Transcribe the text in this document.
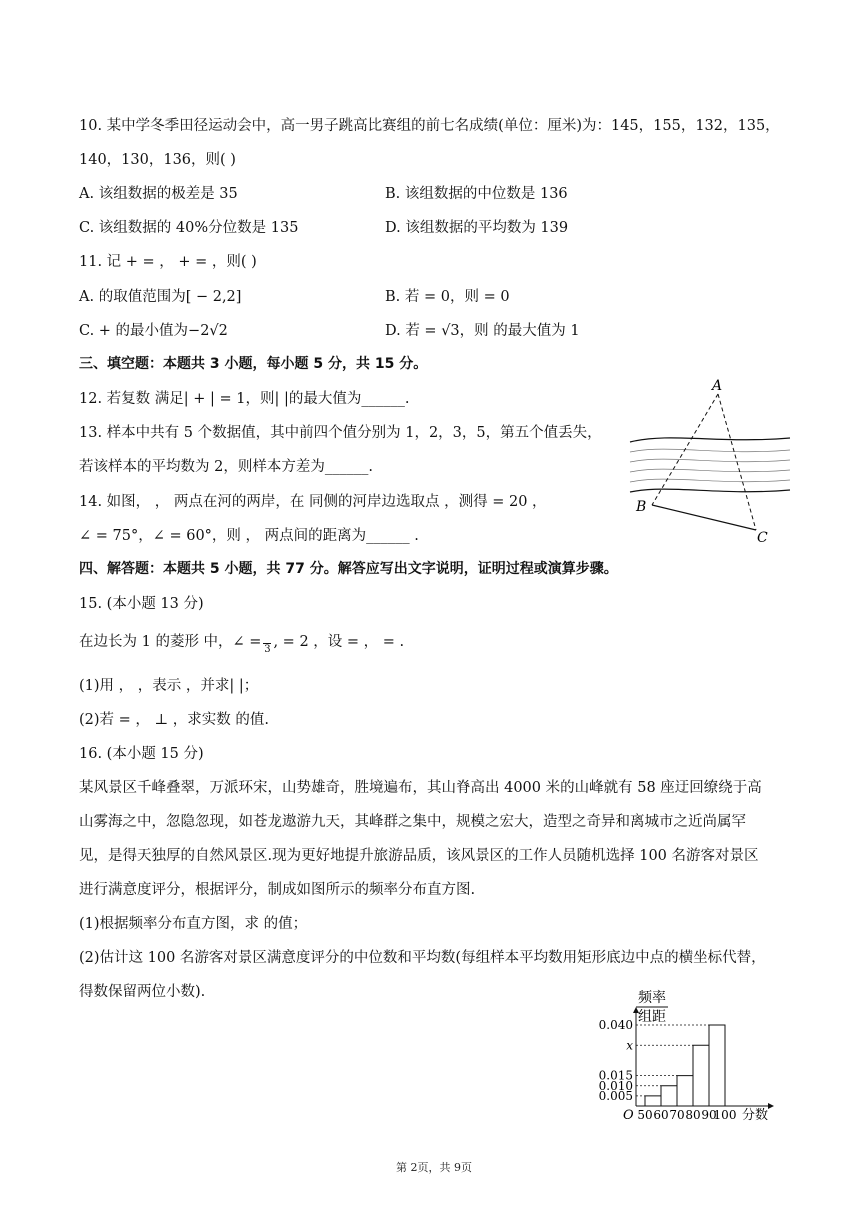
10. 某中学冬季田径运动会中，高一男子跳高比赛组的前七名成绩(单位：厘米)为：145，155，132，135，
140，130，136，则( )
A. 该组数据的极差是 35	B. 该组数据的中位数是 136
C. 该组数据的 40%分位数是 135	D. 该组数据的平均数为 139
11. 记 + = ， + = ，则( )
A. 的取值范围为[ − 2,2]	B. 若 = 0，则 = 0
C. + 的最小值为−2√2	D. 若 = √3，则 的最大值为 1
三、填空题：本题共 3 小题，每小题 5 分，共 15 分。
12. 若复数 满足| + | = 1，则| |的最大值为______.
13. 样本中共有 5 个数据值，其中前四个值分别为 1，2，3，5，第五个值丢失，
若该样本的平均数为 2，则样本方差为______.
14. 如图， ， 两点在河的两岸，在 同侧的河岸边选取点 ，测得 = 20 ，
∠ = 75°，∠ = 60°，则 ， 两点间的距离为______ .
A
B
C
四、解答题：本题共 5 小题，共 77 分。解答应写出文字说明，证明过程或演算步骤。
15. (本小题 13 分)
在边长为 1 的菱形 中，∠ = 3 , = 2 ，设 = ， = .
(1)用 ， ，表示 ，并求| |；
(2)若 = ， ⊥ ，求实数 的值.
16. (本小题 15 分)
某风景区千峰叠翠，万派环宋，山势雄奇，胜境遍布，其山脊高出 4000 米的山峰就有 58 座迂回缭绕于高
山雾海之中，忽隐忽现，如苍龙遨游九天，其峰群之集中，规模之宏大，造型之奇异和离城市之近尚属罕
见，是得天独厚的自然风景区.现为更好地提升旅游品质，该风景区的工作人员随机选择 100 名游客对景区
进行满意度评分，根据评分，制成如图所示的频率分布直方图.
(1)根据频率分布直方图，求 的值；
(2)估计这 100 名游客对景区满意度评分的中位数和平均数(每组样本平均数用矩形底边中点的横坐标代替，
得数保留两位小数).	频率
组距
0.040
x
0.015
0.010
0.005
50 60 70 80 90
100
O	分数
第 2页，共 9页
